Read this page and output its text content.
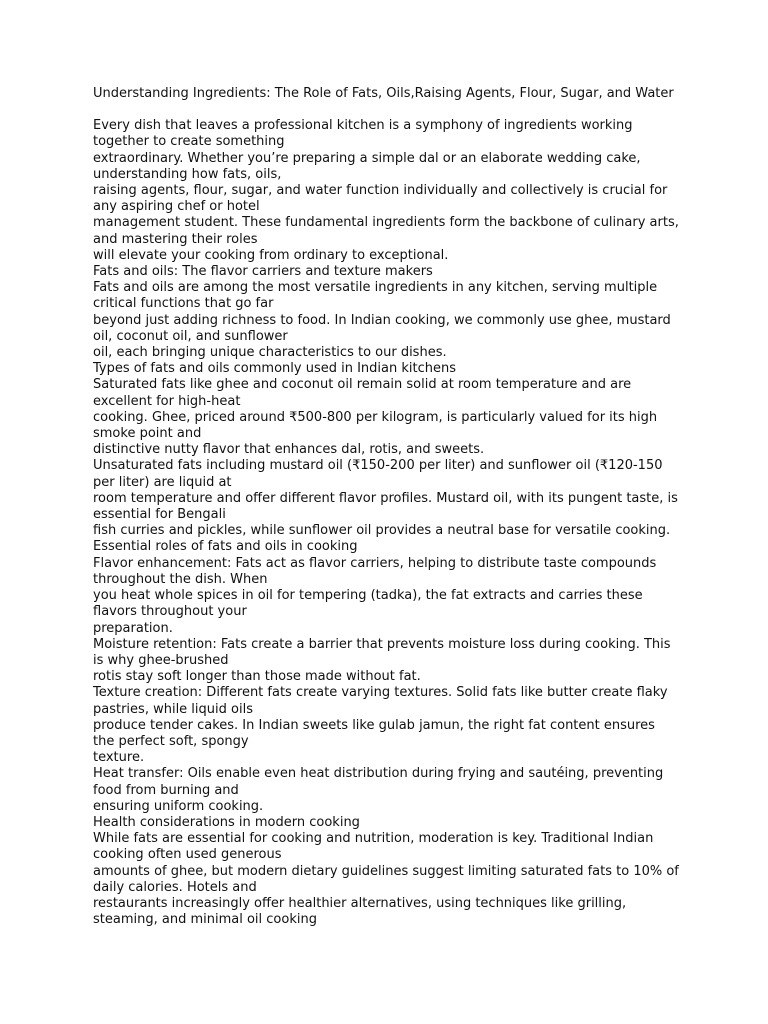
Understanding Ingredients: The Role of Fats, Oils,Raising Agents, Flour, Sugar, and Water
Every dish that leaves a professional kitchen is a symphony of ingredients working
together to create something
extraordinary. Whether you’re preparing a simple dal or an elaborate wedding cake,
understanding how fats, oils,
raising agents, flour, sugar, and water function individually and collectively is crucial for
any aspiring chef or hotel
management student. These fundamental ingredients form the backbone of culinary arts,
and mastering their roles
will elevate your cooking from ordinary to exceptional.
Fats and oils: The flavor carriers and texture makers
Fats and oils are among the most versatile ingredients in any kitchen, serving multiple
critical functions that go far
beyond just adding richness to food. In Indian cooking, we commonly use ghee, mustard
oil, coconut oil, and sunflower
oil, each bringing unique characteristics to our dishes.
Types of fats and oils commonly used in Indian kitchens
Saturated fats like ghee and coconut oil remain solid at room temperature and are
excellent for high-heat
cooking. Ghee, priced around ₹500-800 per kilogram, is particularly valued for its high
smoke point and
distinctive nutty flavor that enhances dal, rotis, and sweets.
Unsaturated fats including mustard oil (₹150-200 per liter) and sunflower oil (₹120-150
per liter) are liquid at
room temperature and offer different flavor profiles. Mustard oil, with its pungent taste, is
essential for Bengali
fish curries and pickles, while sunflower oil provides a neutral base for versatile cooking.
Essential roles of fats and oils in cooking
Flavor enhancement: Fats act as flavor carriers, helping to distribute taste compounds
throughout the dish. When
you heat whole spices in oil for tempering (tadka), the fat extracts and carries these
flavors throughout your
preparation.
Moisture retention: Fats create a barrier that prevents moisture loss during cooking. This
is why ghee-brushed
rotis stay soft longer than those made without fat.
Texture creation: Different fats create varying textures. Solid fats like butter create flaky
pastries, while liquid oils
produce tender cakes. In Indian sweets like gulab jamun, the right fat content ensures
the perfect soft, spongy
texture.
Heat transfer: Oils enable even heat distribution during frying and sautéing, preventing
food from burning and
ensuring uniform cooking.
Health considerations in modern cooking
While fats are essential for cooking and nutrition, moderation is key. Traditional Indian
cooking often used generous
amounts of ghee, but modern dietary guidelines suggest limiting saturated fats to 10% of
daily calories. Hotels and
restaurants increasingly offer healthier alternatives, using techniques like grilling,
steaming, and minimal oil cooking
